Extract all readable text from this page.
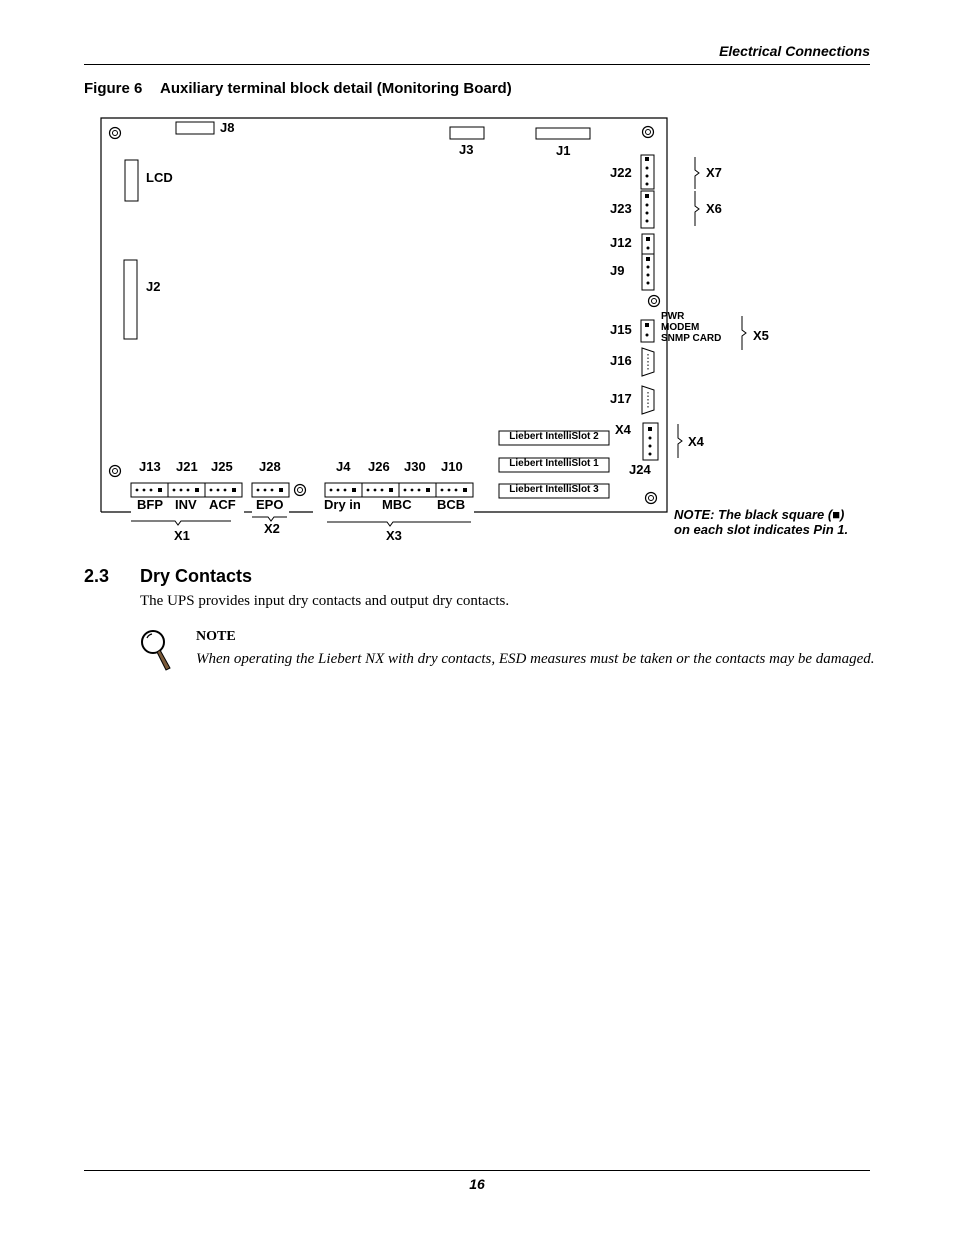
Electrical Connections
Figure 6 Auxiliary terminal block detail (Monitoring Board)
J8
J3	J1
LCD
J2
J22
J23
J12
J9
J15
PWR
MODEM
SNMP CARD
J16
J17
X4
J24
X7
X6
X5
X4
Liebert IntelliSlot 2
Liebert IntelliSlot 1
Liebert IntelliSlot 3
J13 J21 J25 J28	J4 J26 J30 J10
BFP INV ACF EPO	Dry in MBC BCB
X1	X2	X3
NOTE: The black square (■)
on each slot indicates Pin 1.
2.3 Dry Contacts
The UPS provides input dry contacts and output dry contacts.
NOTE
When operating the Liebert NX with dry contacts, ESD measures must be taken or the contacts may be damaged.
16
